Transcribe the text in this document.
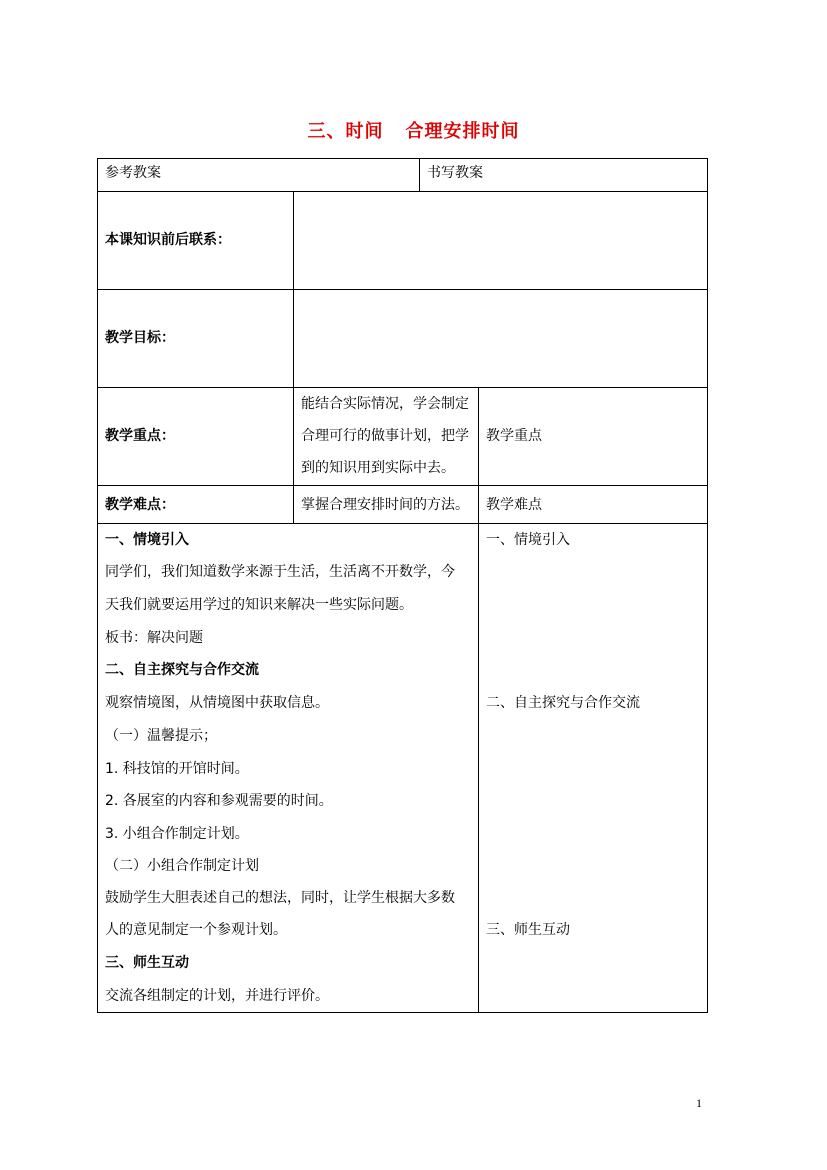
三、时间 合理安排时间
参考教案	书写教案
本课知识前后联系：
教学目标：
教学重点：
教学难点：
能结合实际情况，学会制定
合理可行的做事计划，把学
到的知识用到实际中去。
教学重点
掌握合理安排时间的方法。 教学难点
一、情境引入
同学们，我们知道数学来源于生活，生活离不开数学，今
天我们就要运用学过的知识来解决一些实际问题。
板书：解决问题
二、自主探究与合作交流
观察情境图，从情境图中获取信息。
（一）温馨提示；
1. 科技馆的开馆时间。
2. 各展室的内容和参观需要的时间。
3. 小组合作制定计划。
（二）小组合作制定计划
鼓励学生大胆表述自己的想法，同时，让学生根据大多数
人的意见制定一个参观计划。
三、师生互动
交流各组制定的计划，并进行评价。
一、情境引入
二、自主探究与合作交流
三、师生互动
1
